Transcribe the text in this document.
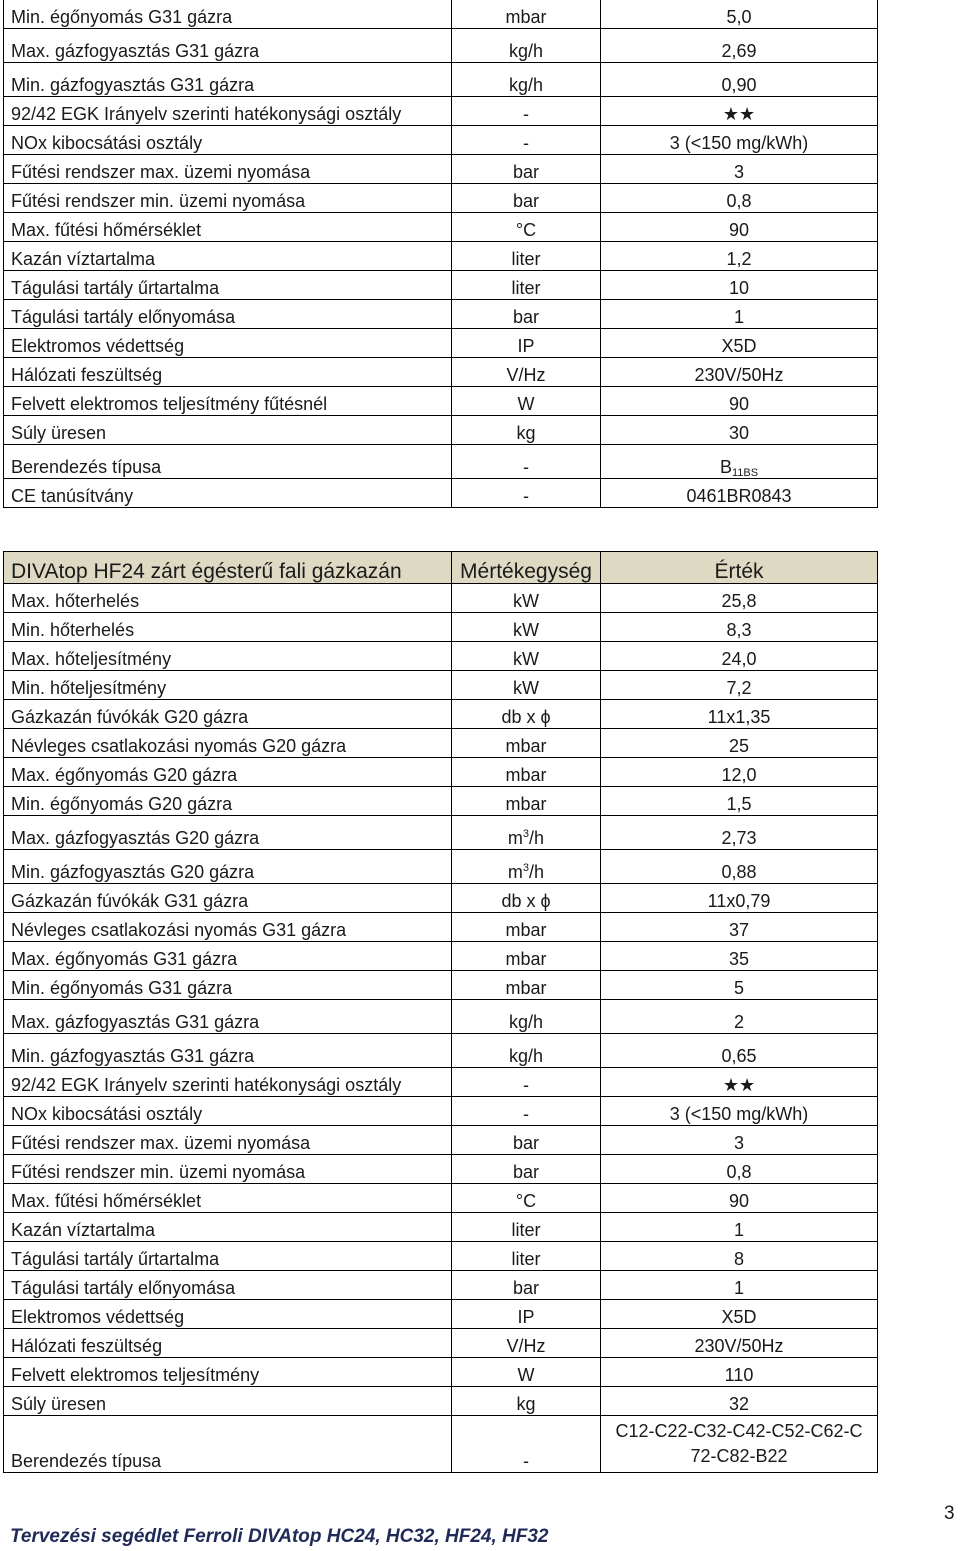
Min. égőnyomás G31 gázra	mbar	5,0
Max. gázfogyasztás G31 gázra	kg/h	2,69
Min. gázfogyasztás G31 gázra	kg/h	0,90
92/42 EGK Irányelv szerinti hatékonysági osztály	-	★★
NOx kibocsátási osztály	-	3 (<150 mg/kWh)
Fűtési rendszer max. üzemi nyomása	bar	3
Fűtési rendszer min. üzemi nyomása	bar	0,8
Max. fűtési hőmérséklet	°C	90
Kazán víztartalma	liter	1,2
Tágulási tartály űrtartalma	liter	10
Tágulási tartály előnyomása	bar	1
Elektromos védettség	IP	X5D
Hálózati feszültség	V/Hz	230V/50Hz
Felvett elektromos teljesítmény fűtésnél	W	90
Súly üresen	kg	30
Berendezés típusa	-	$B_{11BS}$
CE tanúsítvány	-	0461BR0843
DIVAtop HF24 zárt égésterű fali gázkazán	Mértékegység	Érték
Max. hőterhelés	kW	25,8
Min. hőterhelés	kW	8,3
Max. hőteljesítmény	kW	24,0
Min. hőteljesítmény	kW	7,2
Gázkazán fúvókák G20 gázra	db x ϕ	11x1,35
Névleges csatlakozási nyomás G20 gázra	mbar	25
Max. égőnyomás G20 gázra	mbar	12,0
Min. égőnyomás G20 gázra	mbar	1,5
Max. gázfogyasztás G20 gázra	$m^3/h$	2,73
Min. gázfogyasztás G20 gázra	$m^3/h$	0,88
Gázkazán fúvókák G31 gázra	db x ϕ	11x0,79
Névleges csatlakozási nyomás G31 gázra	mbar	37
Max. égőnyomás G31 gázra	mbar	35
Min. égőnyomás G31 gázra	mbar	5
Max. gázfogyasztás G31 gázra	kg/h	2
Min. gázfogyasztás G31 gázra	kg/h	0,65
92/42 EGK Irányelv szerinti hatékonysági osztály	-	★★
NOx kibocsátási osztály	-	3 (<150 mg/kWh)
Fűtési rendszer max. üzemi nyomása	bar	3
Fűtési rendszer min. üzemi nyomása	bar	0,8
Max. fűtési hőmérséklet	°C	90
Kazán víztartalma	liter	1
Tágulási tartály űrtartalma	liter	8
Tágulási tartály előnyomása	bar	1
Elektromos védettség	IP	X5D
Hálózati feszültség	V/Hz	230V/50Hz
Felvett elektromos teljesítmény	W	110
Súly üresen	kg	32
Berendezés típusa	-	C12-C22-C32-C42-C52-C62-C72-C82-B22
Tervezési segédlet Ferroli DIVAtop HC24, HC32, HF24, HF32
3
